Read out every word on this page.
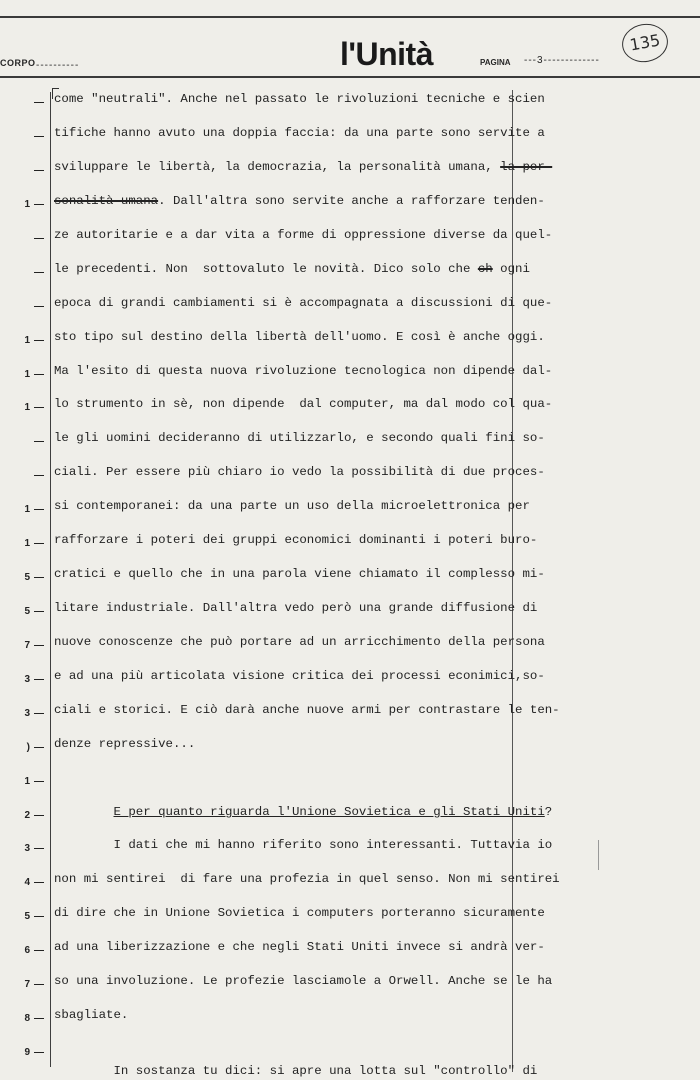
CORPO ----------	l'Unità	PAGINA ---3-------------
135
—
—
—
1 —
—
—
—
1 —
1 —
1 —
—
—
1 —
1 —
5 —
5 —
7 —
3 —
3 —
) —
1 —
2 —
3 —
4 —
5 —
6 —
7 —
8 —
9 —
come "neutrali". Anche nel passato le rivoluzioni tecniche e scien
tifiche hanno avuto una doppia faccia: da una parte sono servite a
sviluppare le libertà, la democrazia, la personalità umana, la per-
sonalità umana. Dall'altra sono servite anche a rafforzare tenden-
ze autoritarie e a dar vita a forme di oppressione diverse da quel-
le precedenti. Non  sottovaluto le novità. Dico solo che ch ogni
epoca di grandi cambiamenti si è accompagnata a discussioni di que-
sto tipo sul destino della libertà dell'uomo. E così è anche oggi.
Ma l'esito di questa nuova rivoluzione tecnologica non dipende dal-
lo strumento in sè, non dipende  dal computer, ma dal modo col qua-
le gli uomini decideranno di utilizzarlo, e secondo quali fini so-
ciali. Per essere più chiaro io vedo la possibilità di due proces-
si contemporanei: da una parte un uso della microelettronica per
rafforzare i poteri dei gruppi economici dominanti i poteri buro-
cratici e quello che in una parola viene chiamato il complesso mi-
litare industriale. Dall'altra vedo però una grande diffusione di
nuove conoscenze che può portare ad un arricchimento della persona
e ad una più articolata visione critica dei processi econimici,so-
ciali e storici. E ciò darà anche nuove armi per contrastare le ten-
denze repressive...
E per quanto riguarda l'Unione Sovietica e gli Stati Uniti?
I dati che mi hanno riferito sono interessanti. Tuttavia io
non mi sentirei  di fare una profezia in quel senso. Non mi sentirei
di dire che in Unione Sovietica i computers porteranno sicuramente
ad una liberizzazione e che negli Stati Uniti invece si andrà ver-
so una involuzione. Le profezie lasciamole a Orwell. Anche se le ha
sbagliate.
In sostanza tu dici: si apre una lotta sul "controllo" di
